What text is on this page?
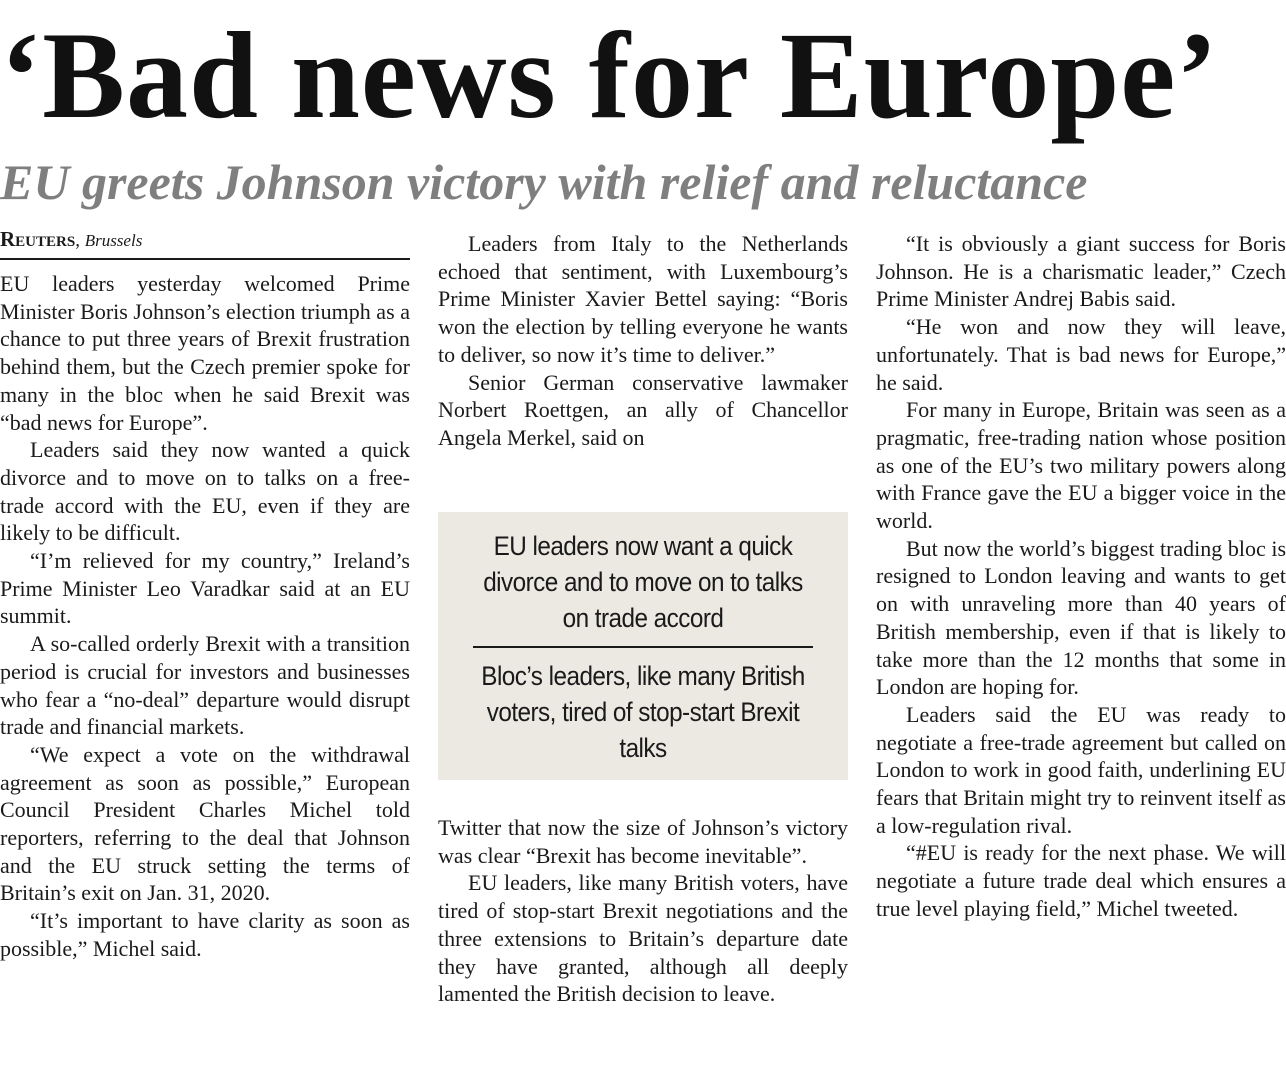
‘Bad news for Europe’
EU greets Johnson victory with relief and reluctance
Reuters, Brussels

EU leaders yesterday welcomed Prime Minister Boris Johnson’s election triumph as a chance to put three years of Brexit frustration behind them, but the Czech premier spoke for many in the bloc when he said Brexit was “bad news for Europe”.

Leaders said they now wanted a quick divorce and to move on to talks on a free-trade accord with the EU, even if they are likely to be difficult.

“I’m relieved for my country,” Ireland’s Prime Minister Leo Varadkar said at an EU summit.

A so-called orderly Brexit with a transition period is crucial for investors and businesses who fear a “no-deal” departure would disrupt trade and financial markets.

“We expect a vote on the withdrawal agreement as soon as possible,” European Council President Charles Michel told reporters, referring to the deal that Johnson and the EU struck setting the terms of Britain’s exit on Jan. 31, 2020.

“It’s important to have clarity as soon as possible,” Michel said.

Leaders from Italy to the Netherlands echoed that sentiment, with Luxembourg’s Prime Minister Xavier Bettel saying: “Boris won the election by telling everyone he wants to deliver, so now it’s time to deliver.”

Senior German conservative lawmaker Norbert Roettgen, an ally of Chancellor Angela Merkel, said on

EU leaders now want a quick divorce and to move on to talks on trade accord
Bloc’s leaders, like many British voters, tired of stop-start Brexit talks

Twitter that now the size of Johnson’s victory was clear “Brexit has become inevitable”.

EU leaders, like many British voters, have tired of stop-start Brexit negotiations and the three extensions to Britain’s departure date they have granted, although all deeply lamented the British decision to leave.

“It is obviously a giant success for Boris Johnson. He is a charismatic leader,” Czech Prime Minister Andrej Babis said.

“He won and now they will leave, unfortunately. That is bad news for Europe,” he said.

For many in Europe, Britain was seen as a pragmatic, free-trading nation whose position as one of the EU’s two military powers along with France gave the EU a bigger voice in the world.

But now the world’s biggest trading bloc is resigned to London leaving and wants to get on with unraveling more than 40 years of British membership, even if that is likely to take more than the 12 months that some in London are hoping for.

Leaders said the EU was ready to negotiate a free-trade agreement but called on London to work in good faith, underlining EU fears that Britain might try to reinvent itself as a low-regulation rival.

“#EU is ready for the next phase. We will negotiate a future trade deal which ensures a true level playing field,” Michel tweeted.
